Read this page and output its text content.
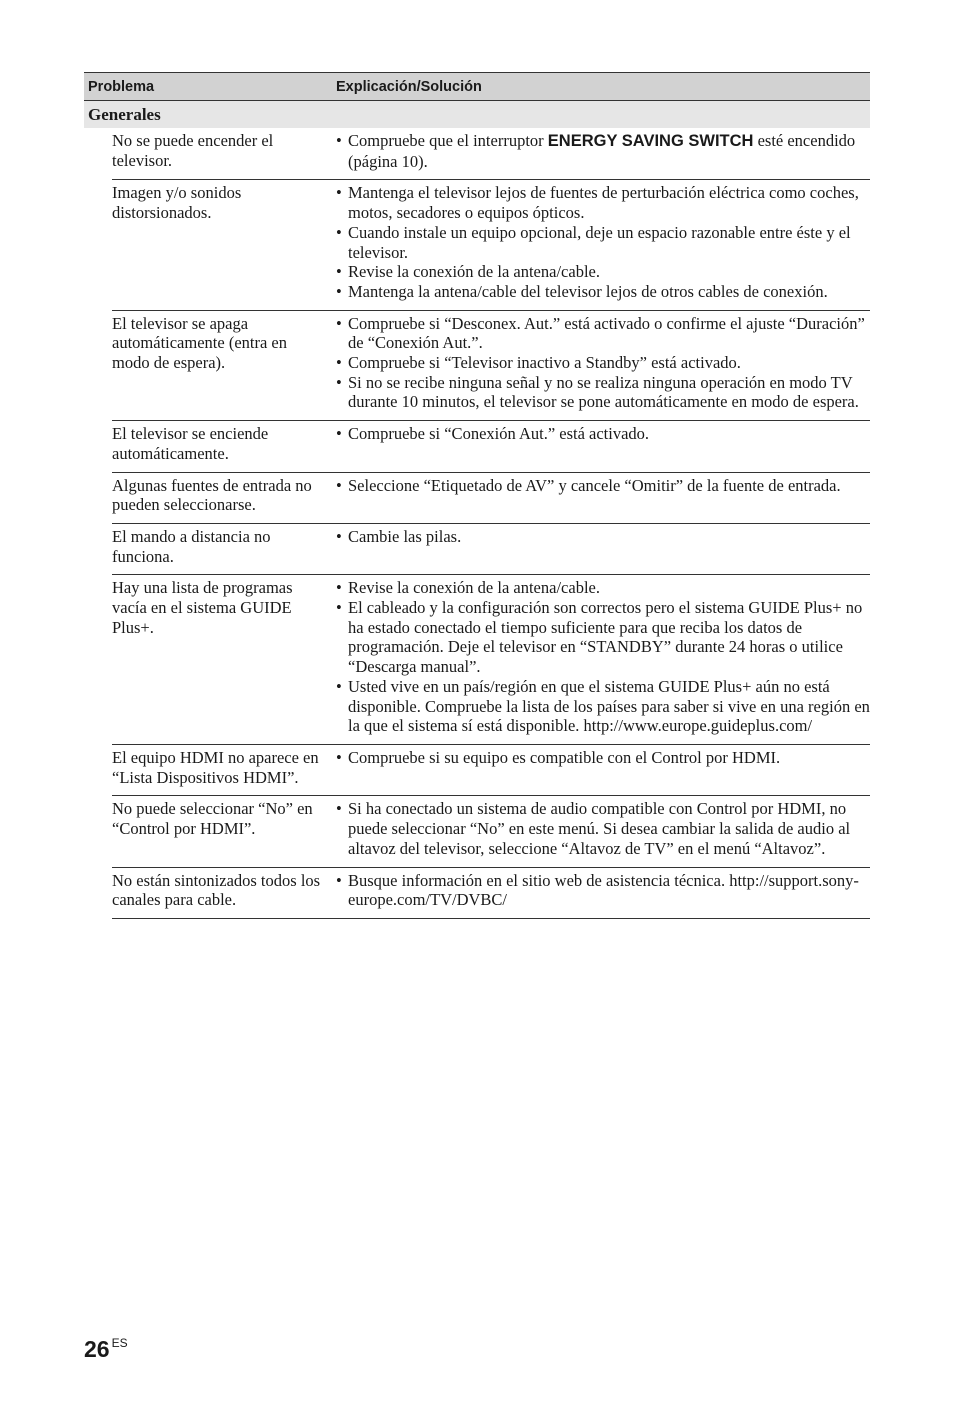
Problema	Explicación/Solución
Generales
No se puede encender el televisor.
• Compruebe que el interruptor ENERGY SAVING SWITCH esté encendido (página 10).
Imagen y/o sonidos distorsionados.
• Mantenga el televisor lejos de fuentes de perturbación eléctrica como coches, motos, secadores o equipos ópticos.
• Cuando instale un equipo opcional, deje un espacio razonable entre éste y el televisor.
• Revise la conexión de la antena/cable.
• Mantenga la antena/cable del televisor lejos de otros cables de conexión.
El televisor se apaga automáticamente (entra en modo de espera).
• Compruebe si “Desconex. Aut.” está activado o confirme el ajuste “Duración” de “Conexión Aut.”.
• Compruebe si “Televisor inactivo a Standby” está activado.
• Si no se recibe ninguna señal y no se realiza ninguna operación en modo TV durante 10 minutos, el televisor se pone automáticamente en modo de espera.
El televisor se enciende automáticamente.
• Compruebe si “Conexión Aut.” está activado.
Algunas fuentes de entrada no pueden seleccionarse.
• Seleccione “Etiquetado de AV” y cancele “Omitir” de la fuente de entrada.
El mando a distancia no funciona.
• Cambie las pilas.
Hay una lista de programas vacía en el sistema GUIDE Plus+.
• Revise la conexión de la antena/cable.
• El cableado y la configuración son correctos pero el sistema GUIDE Plus+ no ha estado conectado el tiempo suficiente para que reciba los datos de programación. Deje el televisor en “STANDBY” durante 24 horas o utilice “Descarga manual”.
• Usted vive en un país/región en que el sistema GUIDE Plus+ aún no está disponible. Compruebe la lista de los países para saber si vive en una región en la que el sistema sí está disponible. http://www.europe.guideplus.com/
El equipo HDMI no aparece en “Lista Dispositivos HDMI”.
• Compruebe si su equipo es compatible con el Control por HDMI.
No puede seleccionar “No” en “Control por HDMI”.
• Si ha conectado un sistema de audio compatible con Control por HDMI, no puede seleccionar “No” en este menú. Si desea cambiar la salida de audio al altavoz del televisor, seleccione “Altavoz de TV” en el menú “Altavoz”.
No están sintonizados todos los canales para cable.
• Busque información en el sitio web de asistencia técnica. http://support.sony-europe.com/TV/DVBC/
26 $^{ES}$
